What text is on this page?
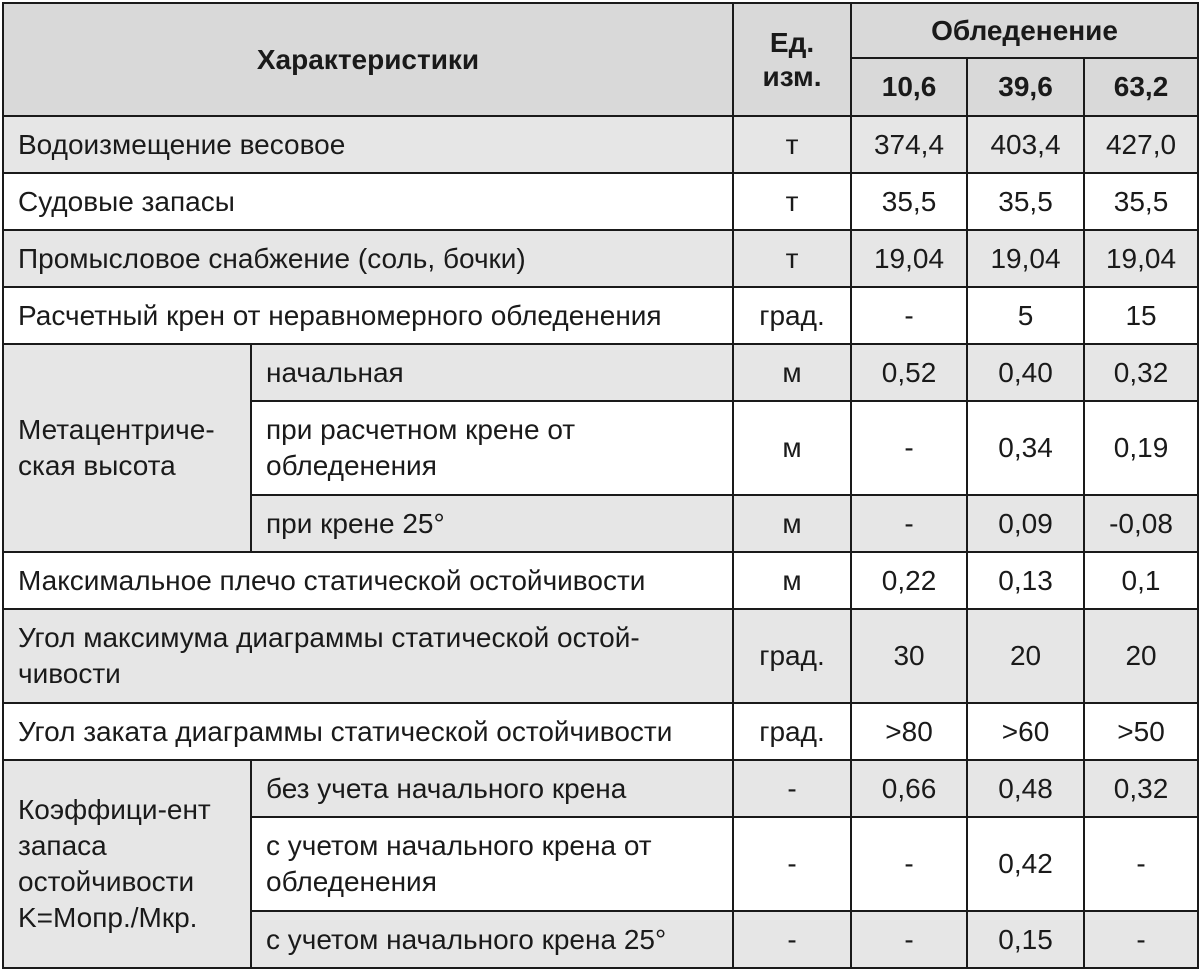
Характеристики		Ед. изм.	Обледенение		
			10,6	39,6	63,2
Водоизмещение весовое		т	374,4	403,4	427,0
Судовые запасы		т	35,5	35,5	35,5
Промысловое снабжение (соль, бочки)		т	19,04	19,04	19,04
Расчетный крен от неравномерного обледенения		град.	-	5	15
Метацентриче-ская высота	начальная	м	0,52	0,40	0,32
	при расчетном крене от обледенения	м	-	0,34	0,19
	при крене 25°	м	-	0,09	-0,08
Максимальное плечо статической остойчивости		м	0,22	0,13	0,1
Угол максимума диаграммы статической остой-чивости		град.	30	20	20
Угол заката диаграммы статической остойчивости		град.	>80	>60	>50
Коэффици-ент запаса остойчивости K=Мопр./Мкр.	без учета начального крена	-	0,66	0,48	0,32
	с учетом начального крена от обледенения	-	-	0,42	-
	с учетом начального крена 25°	-	-	0,15	-
